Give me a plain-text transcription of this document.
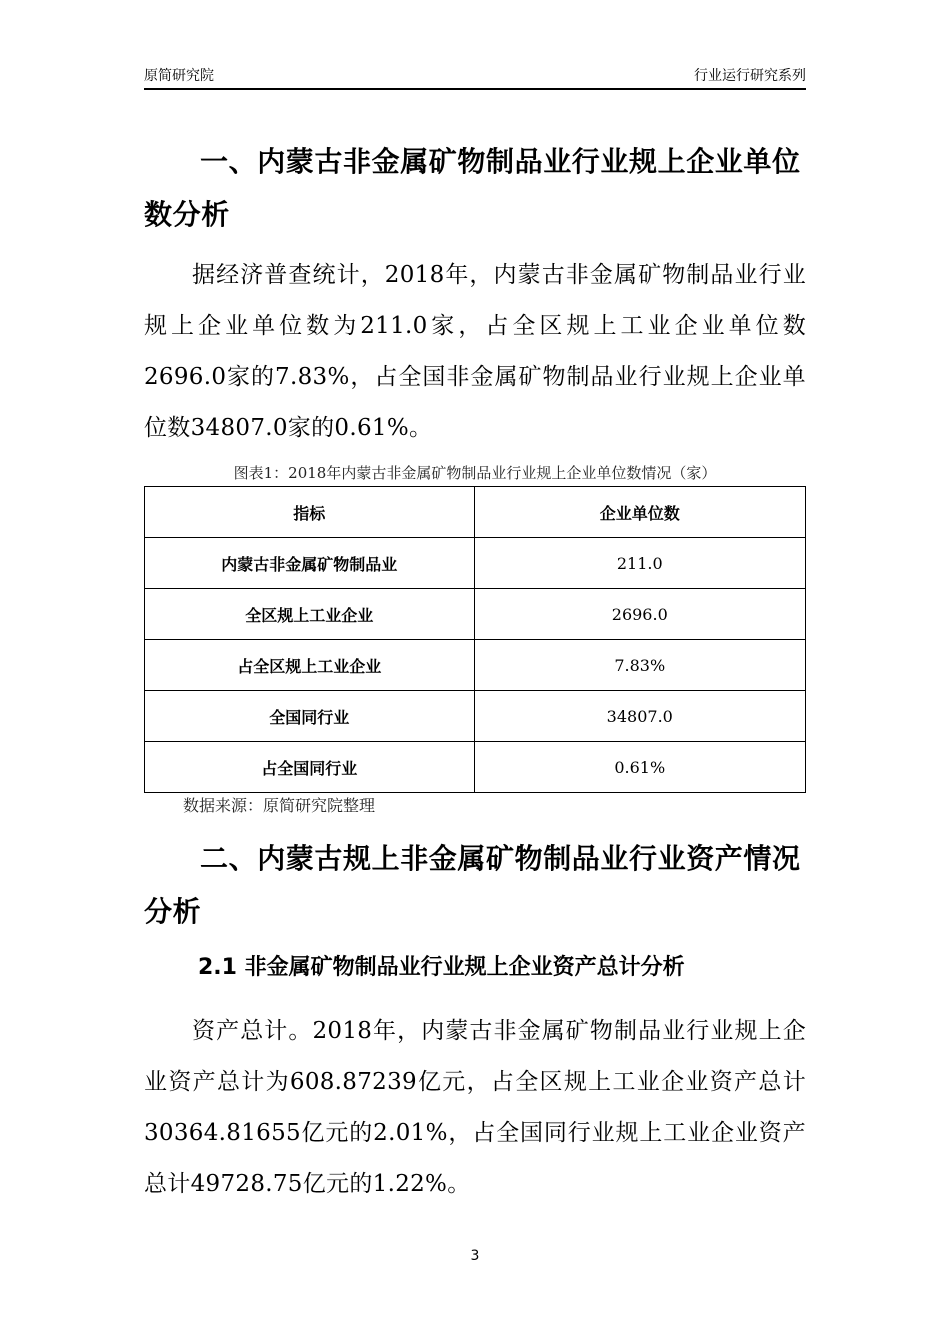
原简研究院	行业运行研究系列
一、内蒙古非金属矿物制品业行业规上企业单位
数分析
据经济普查统计，2018年，内蒙古非金属矿物制品业行业规上企业单位数为211.0家，占全区规上工业企业单位数2696.0家的7.83%，占全国非金属矿物制品业行业规上企业单位数34807.0家的0.61%。
图表1：2018年内蒙古非金属矿物制品业行业规上企业单位数情况（家）
指标	企业单位数
内蒙古非金属矿物制品业	211.0
全区规上工业企业	2696.0
占全区规上工业企业	7.83%
全国同行业	34807.0
占全国同行业	0.61%
数据来源：原简研究院整理
二、内蒙古规上非金属矿物制品业行业资产情况
分析
2.1 非金属矿物制品业行业规上企业资产总计分析
资产总计。2018年，内蒙古非金属矿物制品业行业规上企业资产总计为608.87239亿元，占全区规上工业企业资产总计30364.81655亿元的2.01%，占全国同行业规上工业企业资产总计49728.75亿元的1.22%。
3
